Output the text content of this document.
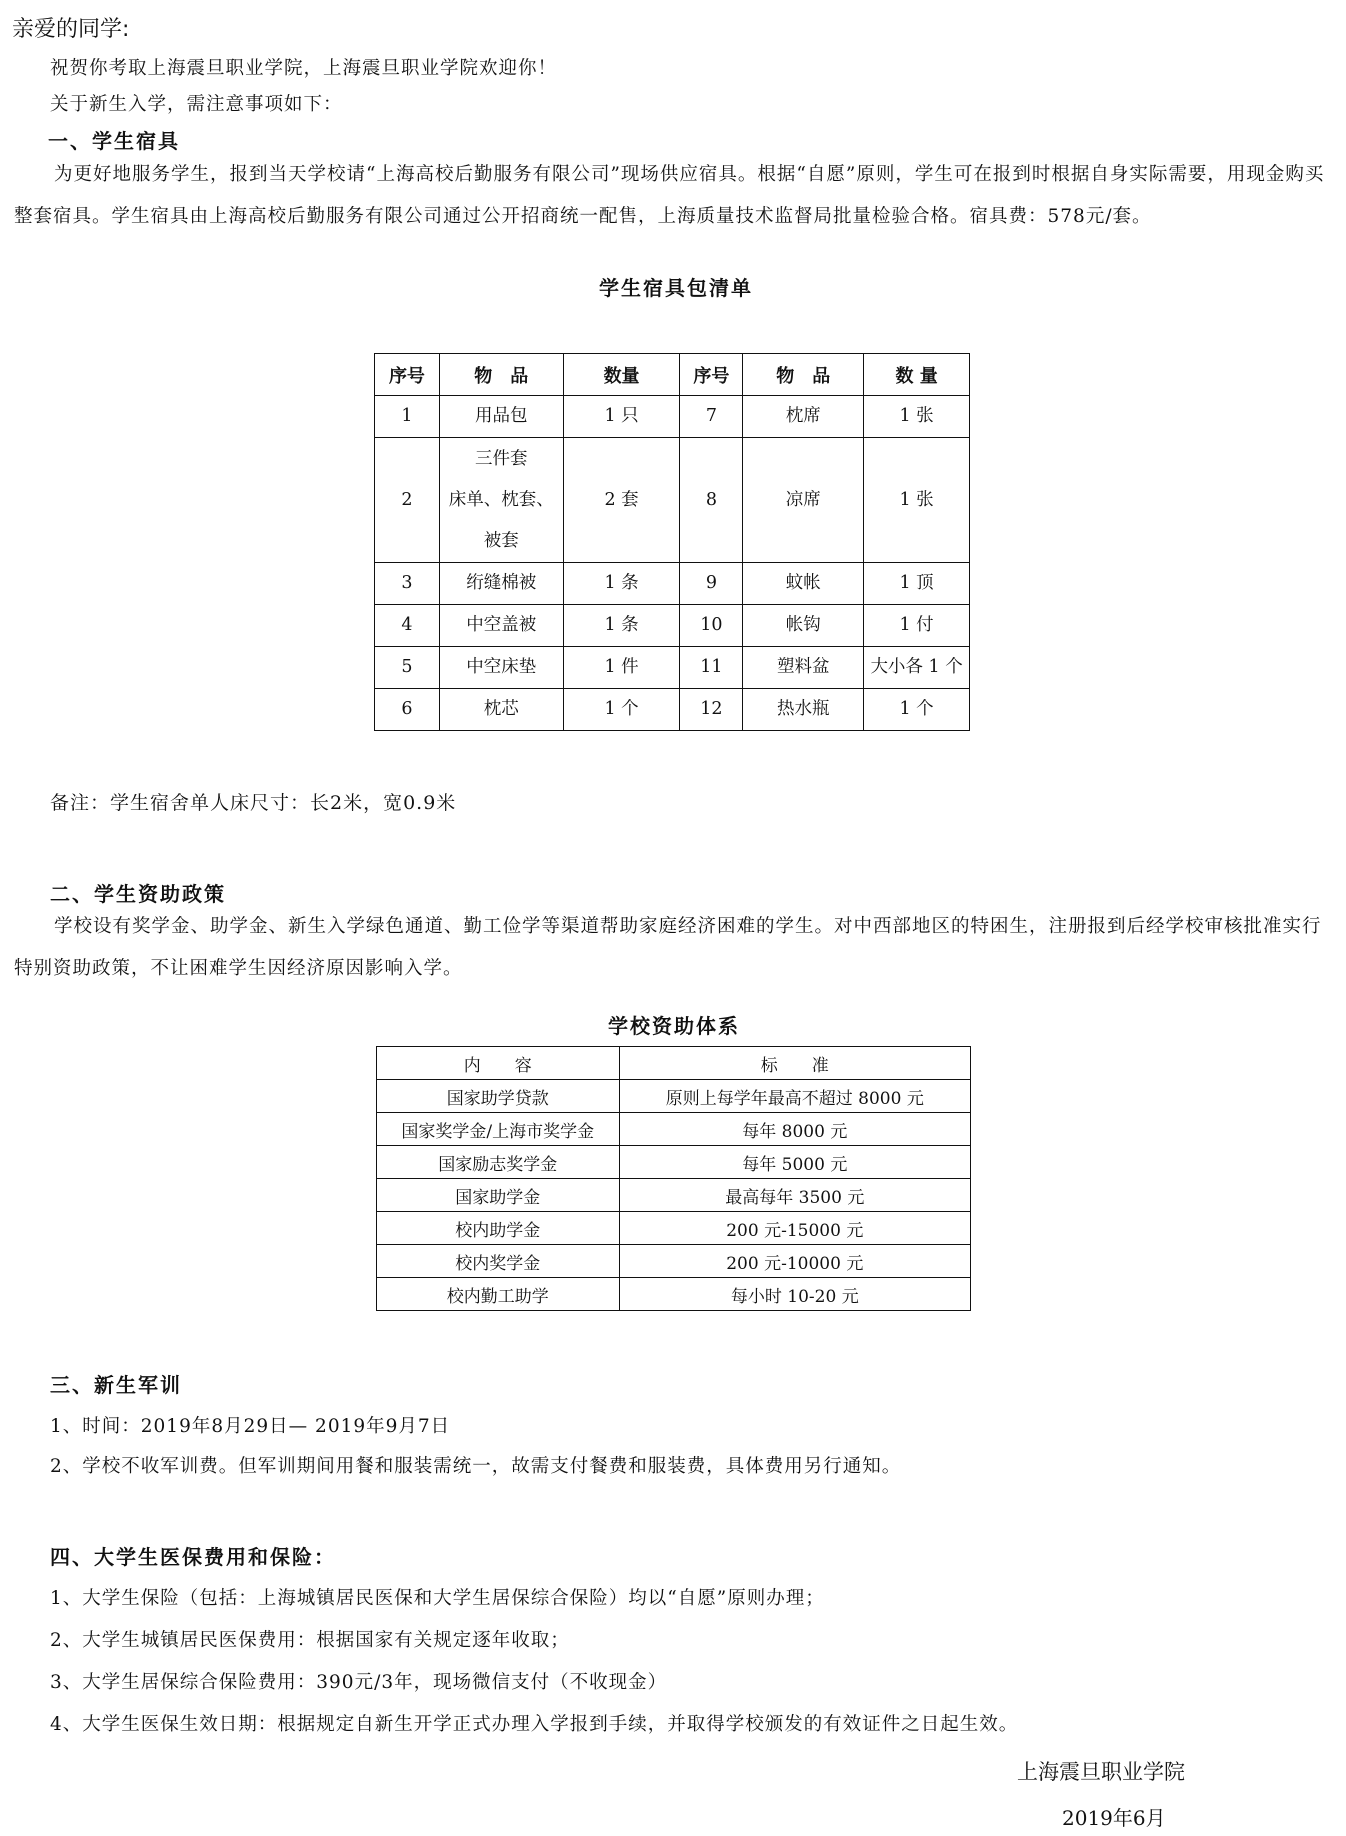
亲爱的同学:
祝贺你考取上海震旦职业学院，上海震旦职业学院欢迎你！
关于新生入学，需注意事项如下：
一、学生宿具

为更好地服务学生，报到当天学校请“上海高校后勤服务有限公司”现场供应宿具。根据“自愿”原则，学生可在报到时根据自身实际需要，用现金购买整套宿具。学生宿具由上海高校后勤服务有限公司通过公开招商统一配售，上海质量技术监督局批量检验合格。宿具费：578元/套。

学生宿具包清单
序号	物　品	数量	序号	物　品	数 量
1	用品包	1 只	7	枕席	1 张
2	三件套
床单、枕套、
被套	2 套	8	凉席	1 张
3	绗缝棉被	1 条	9	蚊帐	1 顶
4	中空盖被	1 条	10	帐钩	1 付
5	中空床垫	1 件	11	塑料盆	大小各 1 个
6	枕芯	1 个	12	热水瓶	1 个
备注：学生宿舍单人床尺寸：长2米，宽0.9米
二、学生资助政策

学校设有奖学金、助学金、新生入学绿色通道、勤工俭学等渠道帮助家庭经济困难的学生。对中西部地区的特困生，注册报到后经学校审核批准实行特别资助政策，不让困难学生因经济原因影响入学。

学校资助体系
内　　容	标　　准
国家助学贷款	原则上每学年最高不超过 8000 元
国家奖学金/上海市奖学金	每年 8000 元
国家励志奖学金	每年 5000 元
国家助学金	最高每年 3500 元
校内助学金	200 元-15000 元
校内奖学金	200 元-10000 元
校内勤工助学	每小时 10-20 元
三、新生军训
1、时间：2019年8月29日— 2019年9月7日
2、学校不收军训费。但军训期间用餐和服装需统一，故需支付餐费和服装费，具体费用另行通知。
四、大学生医保费用和保险：
1、大学生保险（包括：上海城镇居民医保和大学生居保综合保险）均以“自愿”原则办理；
2、大学生城镇居民医保费用：根据国家有关规定逐年收取；
3、大学生居保综合保险费用：390元/3年，现场微信支付（不收现金）
4、大学生医保生效日期：根据规定自新生开学正式办理入学报到手续，并取得学校颁发的有效证件之日起生效。
上海震旦职业学院
2019年6月
